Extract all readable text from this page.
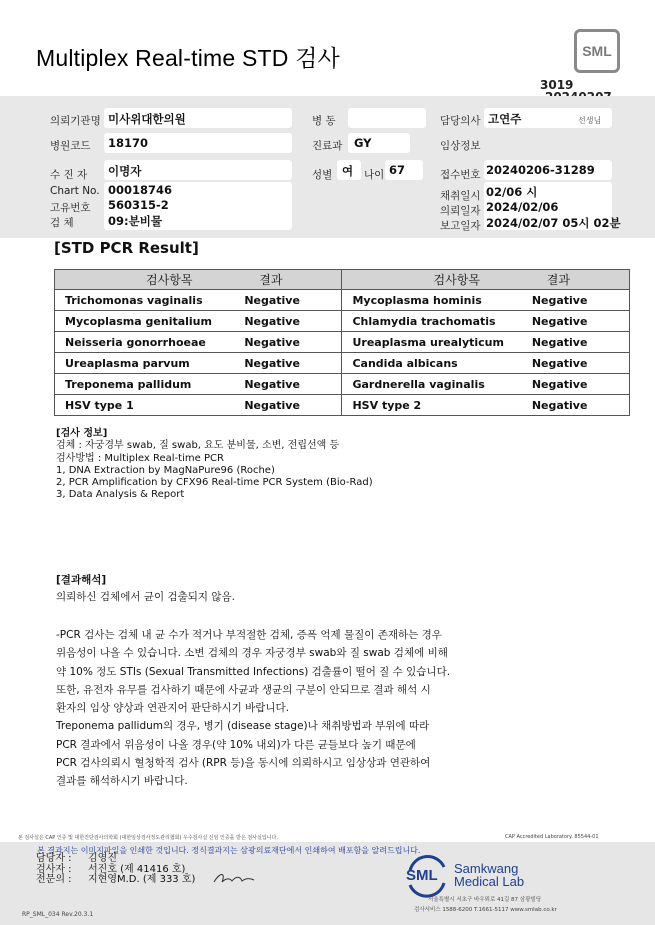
Multiplex Real-time STD 검사	SML
3019
의뢰기관명 미사위대한의원	병 동	담당의사 고연주	선생님
병원코드 18170	진료과 GY	임상정보
수 진 자 이명자	성별 여 나이 67	접수번호 20240206-31289
Chart No. 00018746
고유번호 560315-2
검 체	09:분비물
채취일시 02/06 시
의뢰일자 2024/02/06
보고일자 2024/02/07 05시 02분
[STD PCR Result]
검사항목 결과		검사항목 결과	
Trichomonas vaginalis	Negative	Mycoplasma hominis	Negative
Mycoplasma genitalium	Negative	Chlamydia trachomatis	Negative
Neisseria gonorrhoeae	Negative	Ureaplasma urealyticum	Negative
Ureaplasma parvum	Negative	Candida albicans	Negative
Treponema pallidum	Negative	Gardnerella vaginalis	Negative
HSV type 1	Negative	HSV type 2	Negative
[검사 정보]
검체 : 자궁경부 swab, 질 swab, 요도 분비물, 소변, 전립선액 등
검사방법 : Multiplex Real-time PCR
1, DNA Extraction by MagNaPure96 (Roche)
2, PCR Amplification by CFX96 Real-time PCR System (Bio-Rad)
3, Data Analysis & Report
[결과해석]
의뢰하신 검체에서 균이 검출되지 않음.
-PCR 검사는 검체 내 균 수가 적거나 부적절한 검체, 증폭 억제 물질이 존재하는 경우
위음성이 나올 수 있습니다. 소변 검체의 경우 자궁경부 swab와 질 swab 검체에 비해
약 10% 정도 STIs (Sexual Transmitted Infections) 검출률이 떨어 질 수 있습니다.
또한, 유전자 유무를 검사하기 때문에 사균과 생균의 구분이 안되므로 결과 해석 시
환자의 임상 양상과 연관지어 판단하시기 바랍니다.
Treponema pallidum의 경우, 병기 (disease stage)나 채취방법과 부위에 따라
PCR 결과에서 위음성이 나올 경우(약 10% 내외)가 다른 균들보다 높기 때문에
PCR 검사의뢰시 혈청학적 검사 (RPR 등)을 동시에 의뢰하시고 임상상과 연관하여
결과를 해석하시기 바랍니다.
본 검사실은 CAP 인증 및 대한진단검사의학회 (대한임상검사정도관리협회) 우수검사실 신임 인증을 받은 검사실입니다.	CAP Accredited Laboratory. 85544-01
본 결과지는 이미지파일을 인쇄한 것입니다. 정식결과지는 삼광의료재단에서 인쇄하여 배포함을 알려드립니다.
담당자 : 김영진
검사자 : 서진호 (제 41416 호)
전문의 : 지현영M.D. (제 333 호)	SML Samkwang
Medical Lab
서울특별시 서초구 바우뫼로 41길 87 삼광빌딩
검사서비스 1588-6200 T.1661-5117 www.smlab.co.kr
RP_SML_034 Rev.20.3.1
